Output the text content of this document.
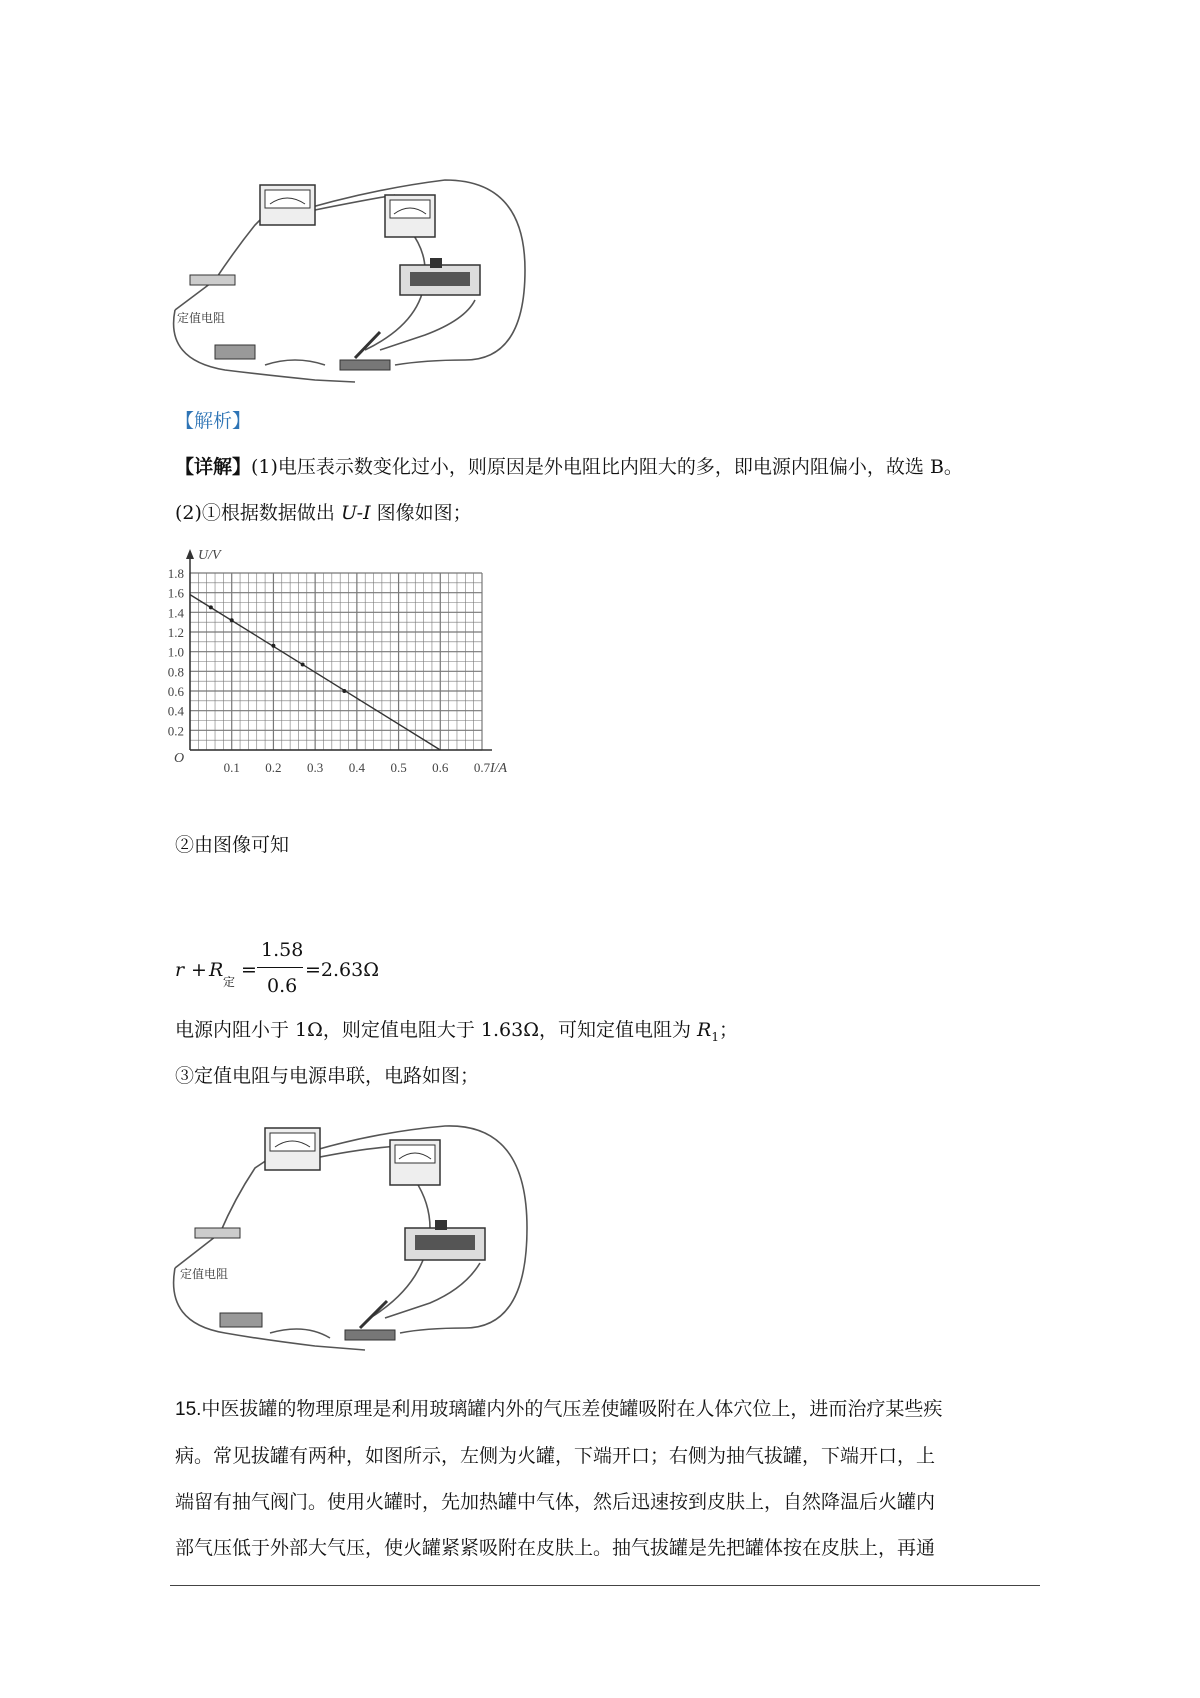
定值电阻
【解析】
【详解】(1)电压表示数变化过小，则原因是外电阻比内阻大的多，即电源内阻偏小，故选 B。
(2)①根据数据做出 U-I 图像如图；
0.2
0.4
0.6
0.8
1.0
1.2
1.4
1.6
1.8
0.1 0.2 0.3 0.4 0.5 0.6 0.7
O
U/V
I/A
②由图像可知
r + R
定
=
1.58
0.6
=2.63Ω
电源内阻小于 1Ω，则定值电阻大于 1.63Ω，可知定值电阻为 $R_1$；
③定值电阻与电源串联，电路如图；
定值电阻
15.中医拔罐的物理原理是利用玻璃罐内外的气压差使罐吸附在人体穴位上，进而治疗某些疾
病。常见拔罐有两种，如图所示，左侧为火罐，下端开口；右侧为抽气拔罐，下端开口，上
端留有抽气阀门。使用火罐时，先加热罐中气体，然后迅速按到皮肤上，自然降温后火罐内
部气压低于外部大气压，使火罐紧紧吸附在皮肤上。抽气拔罐是先把罐体按在皮肤上，再通
